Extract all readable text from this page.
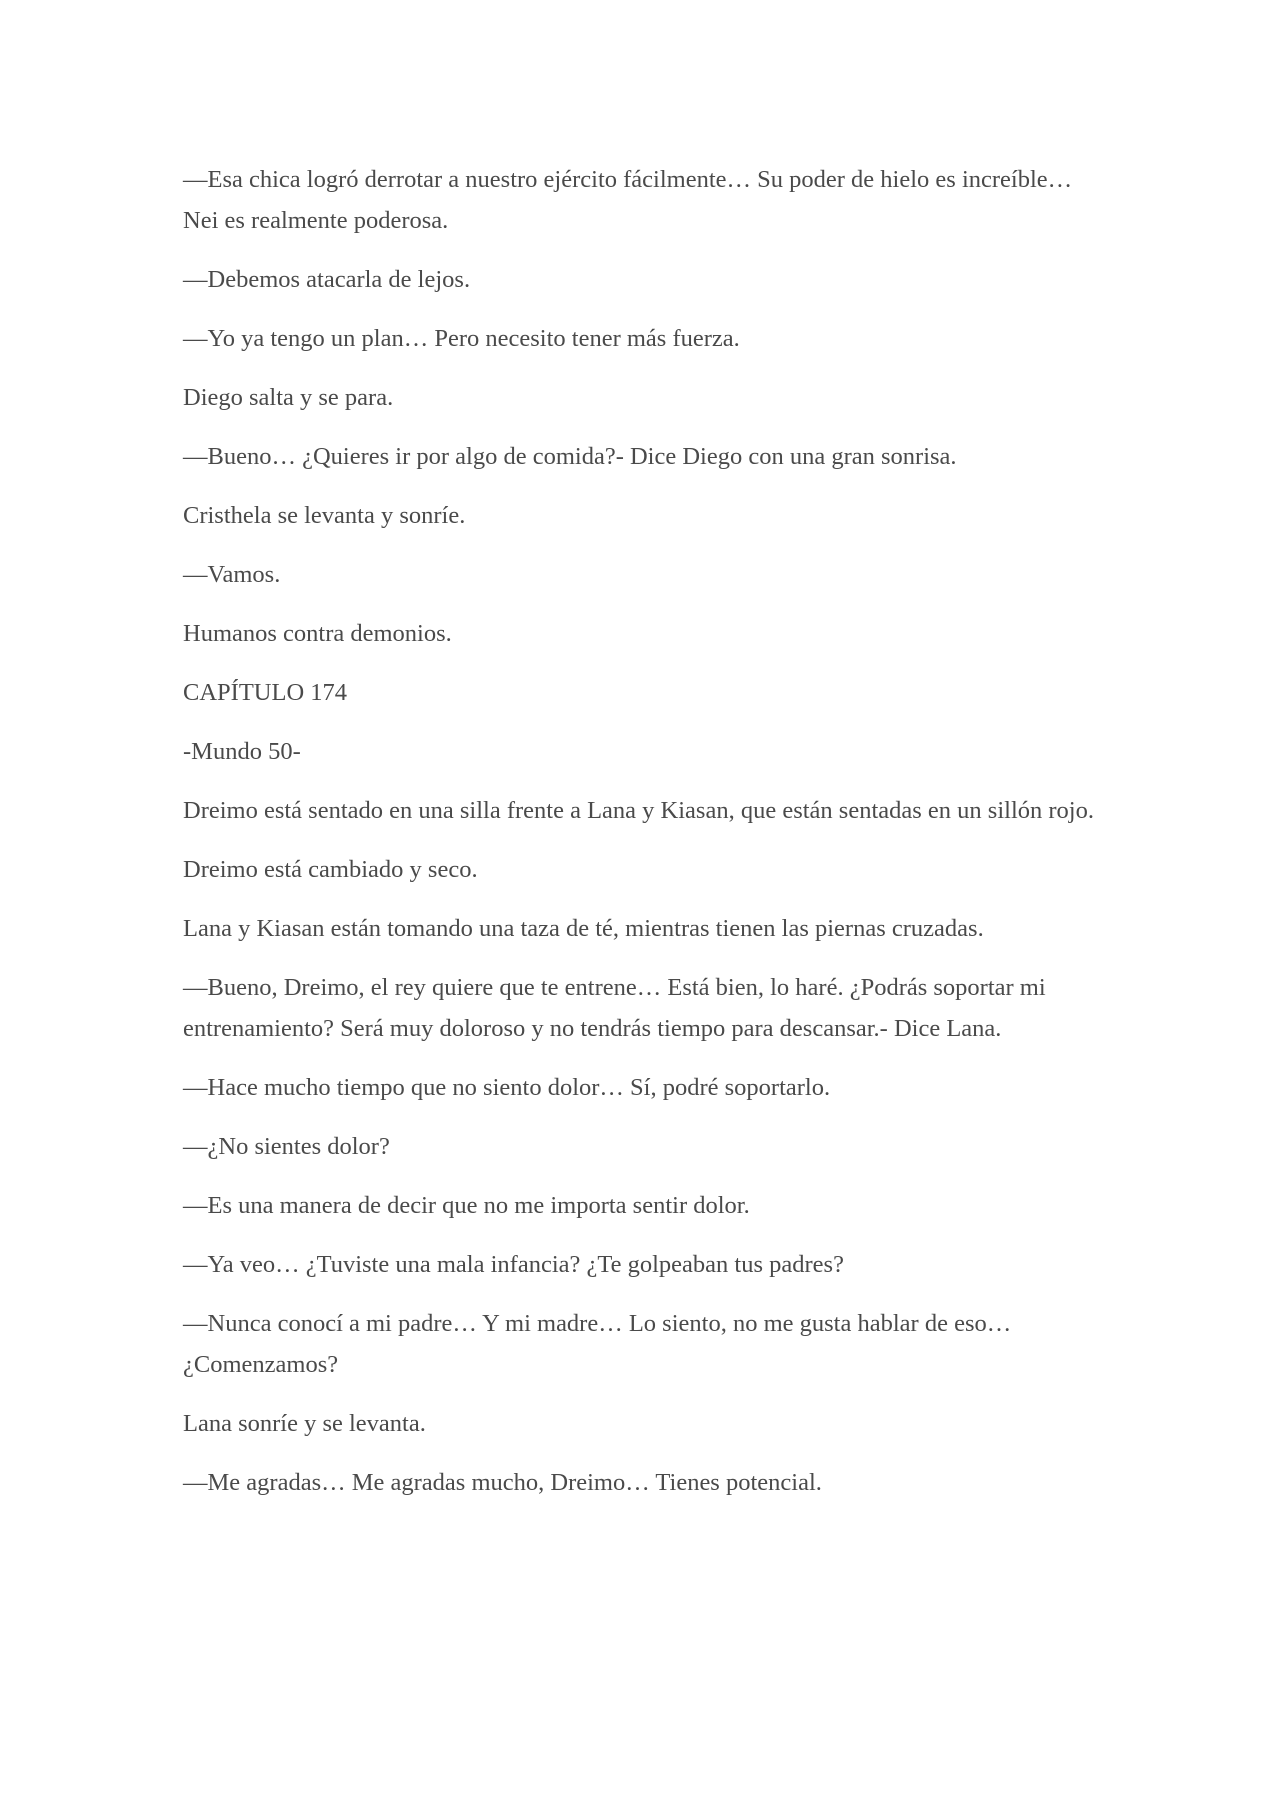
—Esa chica logró derrotar a nuestro ejército fácilmente… Su poder de hielo es increíble… Nei es realmente poderosa.

—Debemos atacarla de lejos.

—Yo ya tengo un plan… Pero necesito tener más fuerza.

Diego salta y se para.

—Bueno… ¿Quieres ir por algo de comida?- Dice Diego con una gran sonrisa.

Cristhela se levanta y sonríe.

—Vamos.

Humanos contra demonios.

CAPÍTULO 174

-Mundo 50-

Dreimo está sentado en una silla frente a Lana y Kiasan, que están sentadas en un sillón rojo.

Dreimo está cambiado y seco.

Lana y Kiasan están tomando una taza de té, mientras tienen las piernas cruzadas.

—Bueno, Dreimo, el rey quiere que te entrene… Está bien, lo haré. ¿Podrás soportar mi entrenamiento? Será muy doloroso y no tendrás tiempo para descansar.- Dice Lana.

—Hace mucho tiempo que no siento dolor… Sí, podré soportarlo.

—¿No sientes dolor?

—Es una manera de decir que no me importa sentir dolor.

—Ya veo… ¿Tuviste una mala infancia? ¿Te golpeaban tus padres?

—Nunca conocí a mi padre… Y mi madre… Lo siento, no me gusta hablar de eso… ¿Comenzamos?

Lana sonríe y se levanta.

—Me agradas… Me agradas mucho, Dreimo… Tienes potencial.
